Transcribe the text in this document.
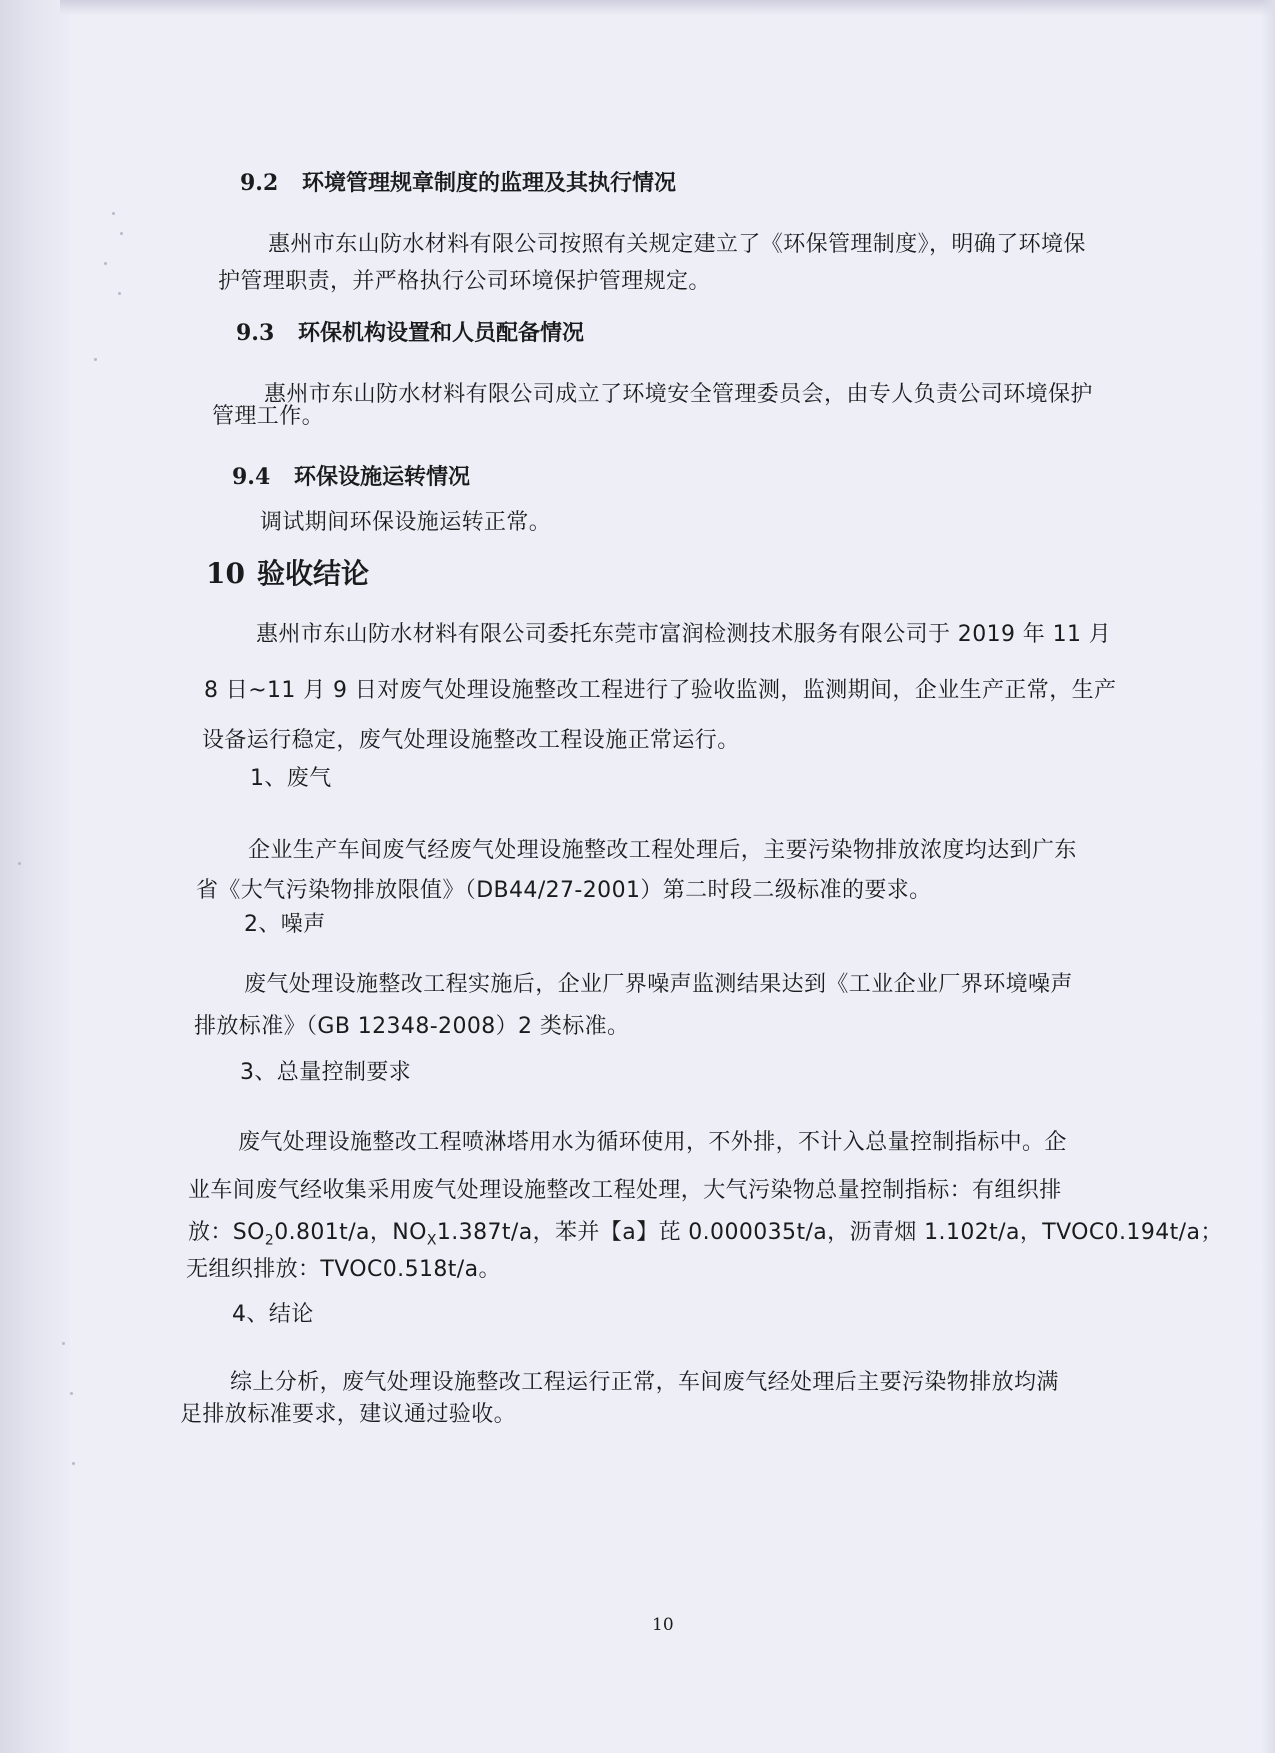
9.2 环境管理规章制度的监理及其执行情况
惠州市东山防水材料有限公司按照有关规定建立了《环保管理制度》，明确了环境保
护管理职责，并严格执行公司环境保护管理规定。
9.3 环保机构设置和人员配备情况
惠州市东山防水材料有限公司成立了环境安全管理委员会，由专人负责公司环境保护
管理工作。
9.4 环保设施运转情况
调试期间环保设施运转正常。
10 验收结论
惠州市东山防水材料有限公司委托东莞市富润检测技术服务有限公司于 2019 年 11 月
8 日~11 月 9 日对废气处理设施整改工程进行了验收监测，监测期间，企业生产正常，生产
设备运行稳定，废气处理设施整改工程设施正常运行。
1、废气
企业生产车间废气经废气处理设施整改工程处理后，主要污染物排放浓度均达到广东
省《大气污染物排放限值》（DB44/27-2001）第二时段二级标准的要求。
2、噪声
废气处理设施整改工程实施后，企业厂界噪声监测结果达到《工业企业厂界环境噪声
排放标准》（GB 12348-2008）2 类标准。
3、总量控制要求
废气处理设施整改工程喷淋塔用水为循环使用，不外排，不计入总量控制指标中。企
业车间废气经收集采用废气处理设施整改工程处理，大气污染物总量控制指标：有组织排
放：$SO_20.801t/a$，$NO_X1.387t/a$，苯并【a】芘 0.000035t/a，沥青烟 1.102t/a，TVOC0.194t/a；
无组织排放：TVOC0.518t/a。
4、结论
综上分析，废气处理设施整改工程运行正常，车间废气经处理后主要污染物排放均满
足排放标准要求，建议通过验收。
10
